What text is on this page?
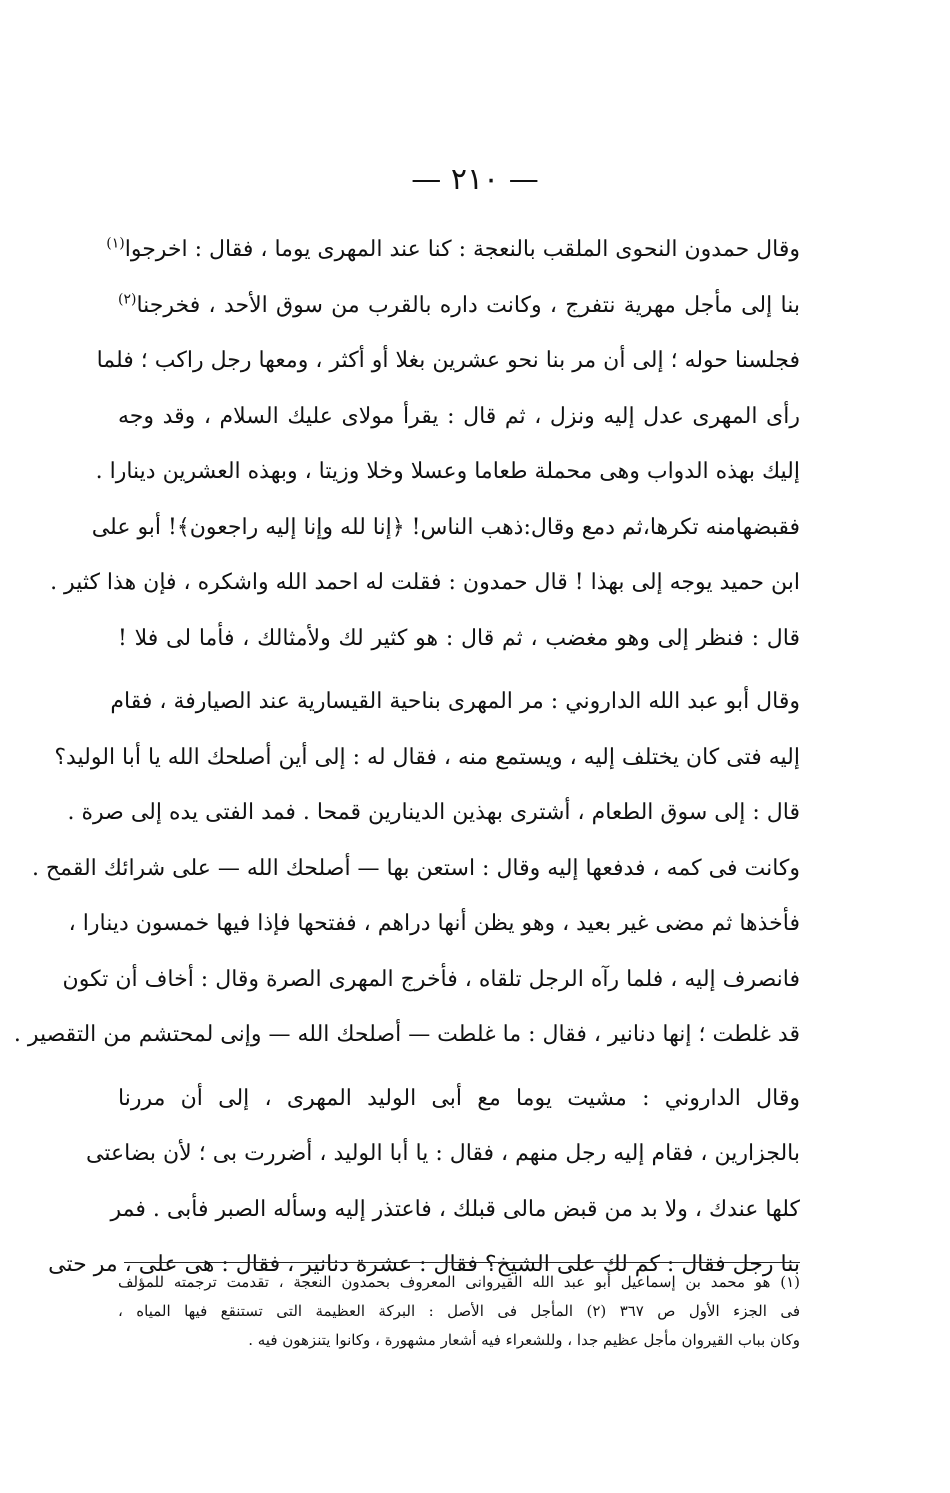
— ٢١٠ —
وقال حمدون النحوى الملقب بالنعجة : كنا عند المهرى يوما ، فقال : اخرجوا$^{(١)}$
بنا إلى مأجل مهرية نتفرج ، وكانت داره بالقرب من سوق الأحد ، فخرجنا$^{(٢)}$
فجلسنا حوله ؛ إلى أن مر بنا نحو عشرين بغلا أو أكثر ، ومعها رجل راكب ؛ فلما
رأى المهرى عدل إليه ونزل ، ثم قال : يقرأ مولاى عليك السلام ، وقد وجه
إليك بهذه الدواب وهى محملة طعاما وعسلا وخلا وزيتا ، وبهذه العشرين دينارا .
فقبضهامنه تكرها،ثم دمع وقال:ذهب الناس! ﴿إنا لله وإنا إليه راجعون﴾! أبو على
ابن حميد يوجه إلى بهذا ! قال حمدون : فقلت له احمد الله واشكره ، فإن هذا كثير .
قال : فنظر إلى وهو مغضب ، ثم قال : هو كثير لك ولأمثالك ، فأما لى فلا !
وقال أبو عبد الله الداروني : مر المهرى بناحية القيسارية عند الصيارفة ، فقام
إليه فتى كان يختلف إليه ، ويستمع منه ، فقال له : إلى أين أصلحك الله يا أبا الوليد؟
قال : إلى سوق الطعام ، أشترى بهذين الدينارين قمحا . فمد الفتى يده إلى صرة .
وكانت فى كمه ، فدفعها إليه وقال : استعن بها — أصلحك الله — على شرائك القمح .
فأخذها ثم مضى غير بعيد ، وهو يظن أنها دراهم ، ففتحها فإذا فيها خمسون دينارا ،
فانصرف إليه ، فلما رآه الرجل تلقاه ، فأخرج المهرى الصرة وقال : أخاف أن تكون
قد غلطت ؛ إنها دنانير ، فقال : ما غلطت — أصلحك الله — وإنى لمحتشم من التقصير .
وقال الداروني : مشيت يوما مع أبى الوليد المهرى ، إلى أن مررنا
بالجزارين ، فقام إليه رجل منهم ، فقال : يا أبا الوليد ، أضررت بى ؛ لأن بضاعتى
كلها عندك ، ولا بد من قبض مالى قبلك ، فاعتذر إليه وسأله الصبر فأبى . فمر
بنا رجل فقال : كم لك على الشيخ؟ فقال : عشرة دنانير ، فقال : هى على ، مر حتى
(١) هو محمد بن إسماعيل أبو عبد الله القيروانى المعروف بحمدون النعجة ، تقدمت ترجمته للمؤلف
فى الجزء الأول ص ٣٦٧ (٢) المأجل فى الأصل : البركة العظيمة التى تستنقع فيها المياه ،
وكان بباب القيروان مأجل عظيم جدا ، وللشعراء فيه أشعار مشهورة ، وكانوا يتنزهون فيه .
